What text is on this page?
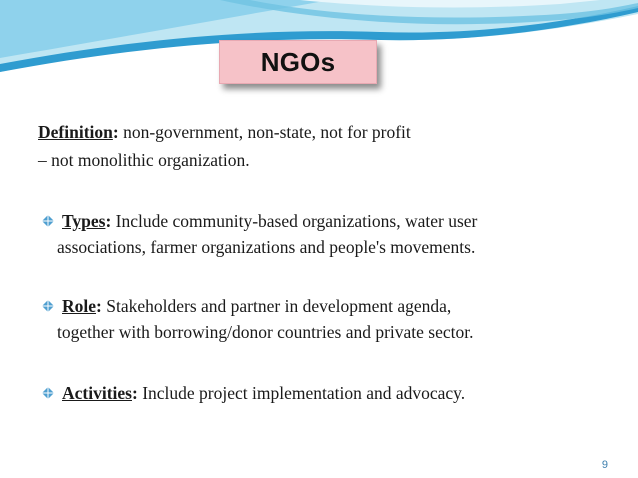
NGOs
Definition: non-government, non-state, not for profit
– not monolithic organization.
Types: Include community-based organizations, water user
associations, farmer organizations and people's movements.
Role: Stakeholders and partner in development agenda,
together with borrowing/donor countries and private sector.
Activities: Include project implementation and advocacy.
9
